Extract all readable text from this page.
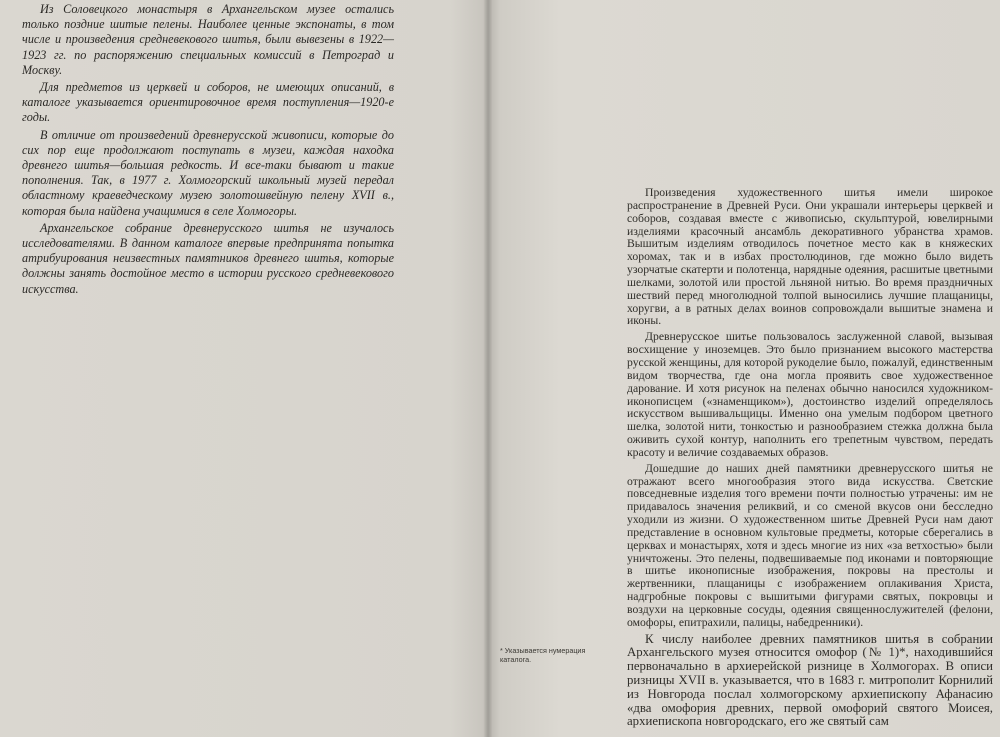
Из Соловецкого монастыря в Архангельском музее остались только поздние шитые пелены. Наиболее ценные экспонаты, в том числе и произведения средневекового шитья, были вывезены в 1922—1923 гг. по распоряжению специальных комиссий в Петроград и Москву.

Для предметов из церквей и соборов, не имеющих описаний, в каталоге указывается ориентировочное время поступления—1920-е годы.

В отличие от произведений древнерусской живописи, которые до сих пор еще продолжают поступать в музеи, каждая находка древнего шитья—большая редкость. И все-таки бывают и такие пополнения. Так, в 1977 г. Холмогорский школьный музей передал областному краеведческому музею золотошвейную пелену XVII в., которая была найдена учащимися в селе Холмогоры.

Архангельское собрание древнерусского шитья не изучалось исследователями. В данном каталоге впервые предпринята попытка атрибуирования неизвестных памятников древнего шитья, которые должны занять достойное место в истории русского средневекового искусства.

* Указывается нумерация каталога.

Произведения художественного шитья имели широкое распространение в Древней Руси. Они украшали интерьеры церквей и соборов, создавая вместе с живописью, скульптурой, ювелирными изделиями красочный ансамбль декоративного убранства храмов. Вышитым изделиям отводилось почетное место как в княжеских хоромах, так и в избах простолюдинов, где можно было видеть узорчатые скатерти и полотенца, нарядные одеяния, расшитые цветными шелками, золотой или простой льняной нитью. Во время праздничных шествий перед многолюдной толпой выносились лучшие плащаницы, хоругви, а в ратных делах воинов сопровождали вышитые знамена и иконы.

Древнерусское шитье пользовалось заслуженной славой, вызывая восхищение у иноземцев. Это было признанием высокого мастерства русской женщины, для которой рукоделие было, пожалуй, единственным видом творчества, где она могла проявить свое художественное дарование. И хотя рисунок на пеленах обычно наносился художником-иконописцем («знаменщиком»), достоинство изделий определялось искусством вышивальщицы. Именно она умелым подбором цветного шелка, золотой нити, тонкостью и разнообразием стежка должна была оживить сухой контур, наполнить его трепетным чувством, передать красоту и величие создаваемых образов.

Дошедшие до наших дней памятники древнерусского шитья не отражают всего многообразия этого вида искусства. Светские повседневные изделия того времени почти полностью утрачены: им не придавалось значения реликвий, и со сменой вкусов они бесследно уходили из жизни. О художественном шитье Древней Руси нам дают представление в основном культовые предметы, которые сберегались в церквах и монастырях, хотя и здесь многие из них «за ветхостью» были уничтожены. Это пелены, подвешиваемые под иконами и повторяющие в шитье иконописные изображения, покровы на престолы и жертвенники, плащаницы с изображением оплакивания Христа, надгробные покровы с вышитыми фигурами святых, покровцы и воздухи на церковные сосуды, одеяния священнослужителей (фелони, омофоры, епитрахили, палицы, набедренники).

К числу наиболее древних памятников шитья в собрании Архангельского музея относится омофор (№ 1)*, находившийся первоначально в архиерейской ризнице в Холмогорах. В описи ризницы XVII в. указывается, что в 1683 г. митрополит Корнилий из Новгорода послал холмогорскому архиепископу Афанасию «два омофория древних, первой омофорий святого Моисея, архиепископа новгородскаго, его же святый сам
